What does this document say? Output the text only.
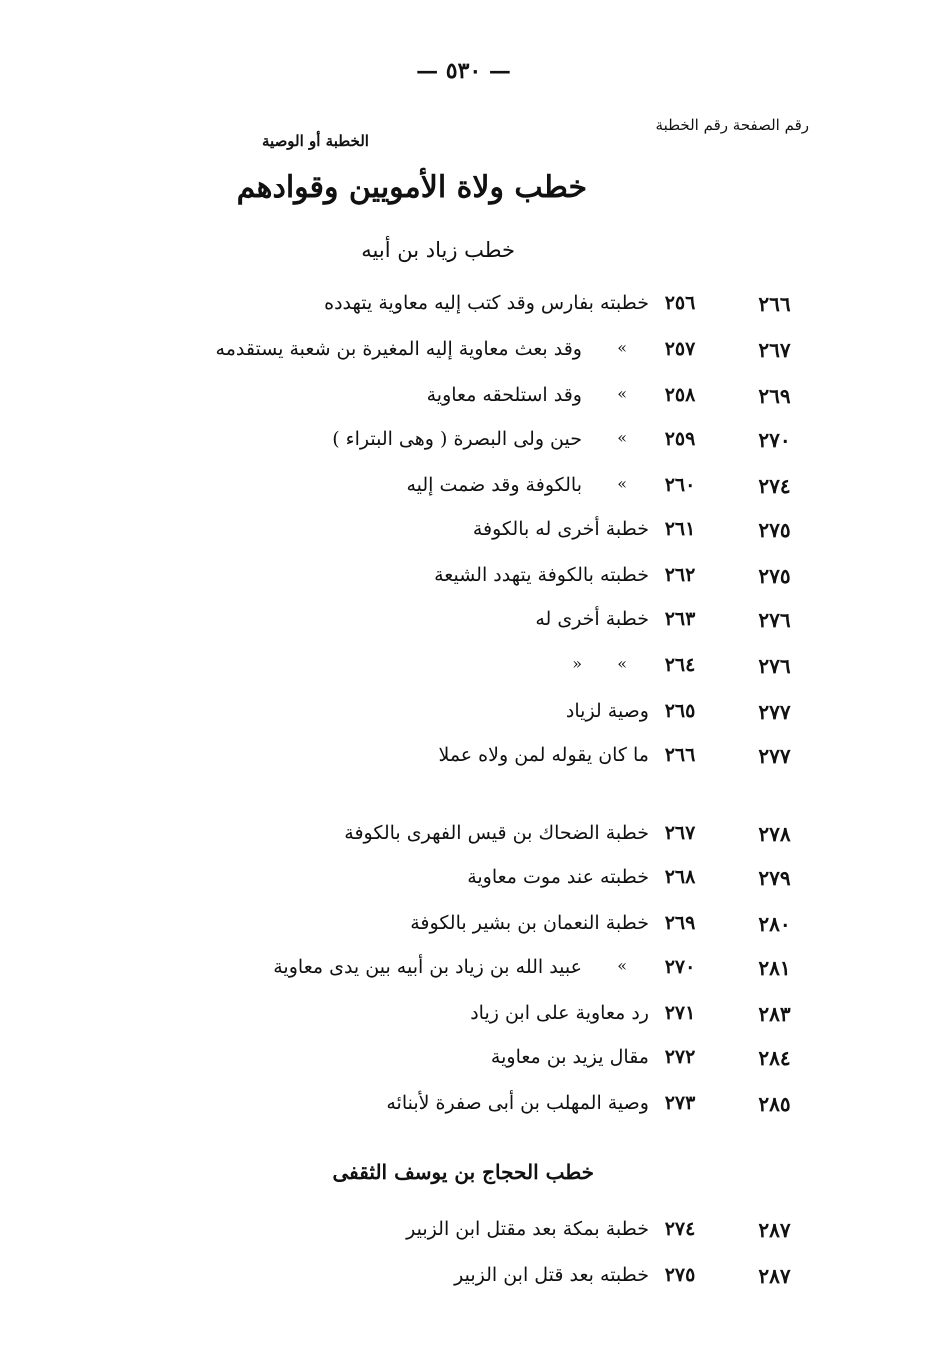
— ٥٣٠ —
رقم الصفحة رقم الخطبة
الخطبة أو الوصية
خطب ولاة الأمويين وقوادهم
خطب زياد بن أبيه
٢٦٦
٢٥٦
خطبته بفارس وقد كتب إليه معاوية يتهدده
٢٦٧
٢٥٧
«
وقد بعث معاوية إليه المغيرة بن شعبة يستقدمه
٢٦٩
٢٥٨
«
وقد استلحقه معاوية
٢٧٠
٢٥٩
«
حين ولى البصرة ( وهى البتراء )
٢٧٤
٢٦٠
«
بالكوفة وقد ضمت إليه
٢٧٥
٢٦١
خطبة أخرى له بالكوفة
٢٧٥
٢٦٢
خطبته بالكوفة يتهدد الشيعة
٢٧٦
٢٦٣
خطبة أخرى له
٢٧٦
٢٦٤
«
«
٢٧٧
٢٦٥
وصية لزياد
٢٧٧
٢٦٦
ما كان يقوله لمن ولاه عملا
٢٧٨
٢٦٧
خطبة الضحاك بن قيس الفهرى بالكوفة
٢٧٩
٢٦٨
خطبته عند موت معاوية
٢٨٠
٢٦٩
خطبة النعمان بن بشير بالكوفة
٢٨١
٢٧٠
«
عبيد الله بن زياد بن أبيه بين يدى معاوية
٢٨٣
٢٧١
رد معاوية على ابن زياد
٢٨٤
٢٧٢
مقال يزيد بن معاوية
٢٨٥
٢٧٣
وصية المهلب بن أبى صفرة لأبنائه
خطب الحجاج بن يوسف الثقفى
٢٨٧
٢٧٤
خطبة بمكة بعد مقتل ابن الزبير
٢٨٧
٢٧٥
خطبته بعد قتل ابن الزبير
